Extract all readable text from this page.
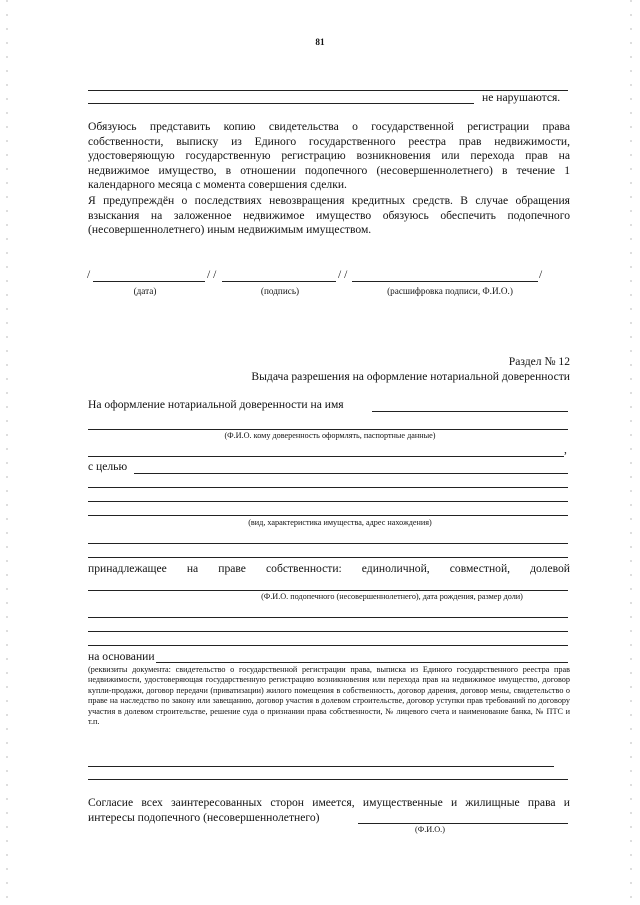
81
не нарушаются.
Обязуюсь представить копию свидетельства о государственной регистрации права собственности, выписку из Единого государственного реестра прав недвижимости, удостоверяющую государственную регистрацию возникновения или перехода прав на недвижимое имущество, в отношении подопечного (несовершеннолетнего) в течение 1 календарного месяца с момента совершения сделки.
Я предупреждён о последствиях невозвращения кредитных средств. В случае обращения взыскания на заложенное недвижимое имущество обязуюсь обеспечить подопечного (несовершеннолетнего) иным недвижимым имуществом.
/	/ /	/ /	/
(дата)	(подпись)	(расшифровка подписи, Ф.И.О.)
Раздел № 12
Выдача разрешения на оформление нотариальной доверенности
На оформление нотариальной доверенности на имя
(Ф.И.О. кому доверенность оформлять, паспортные данные)
,
с целью
(вид, характеристика имущества, адрес нахождения)
принадлежащее на праве собственности: единоличной, совместной, долевой
(Ф.И.О. подопечного (несовершеннолетнего), дата рождения, размер доли)
на основании
(реквизиты документа: свидетельство о государственной регистрации права, выписка из Единого государственного реестра прав недвижимости, удостоверяющая государственную регистрацию возникновения или перехода прав на недвижимое имущество, договор купли-продажи, договор передачи (приватизации) жилого помещения в собственность, договор дарения, договор мены, свидетельство о праве на наследство по закону или завещанию, договор участия в долевом строительстве, договор уступки прав требований по договору участия в долевом строительстве, решение суда о признании права собственности, № лицевого счета и наименование банка, № ПТС и т.п.
Согласие всех заинтересованных сторон имеется, имущественные и жилищные права и интересы подопечного (несовершеннолетнего)
(Ф.И.О.)
